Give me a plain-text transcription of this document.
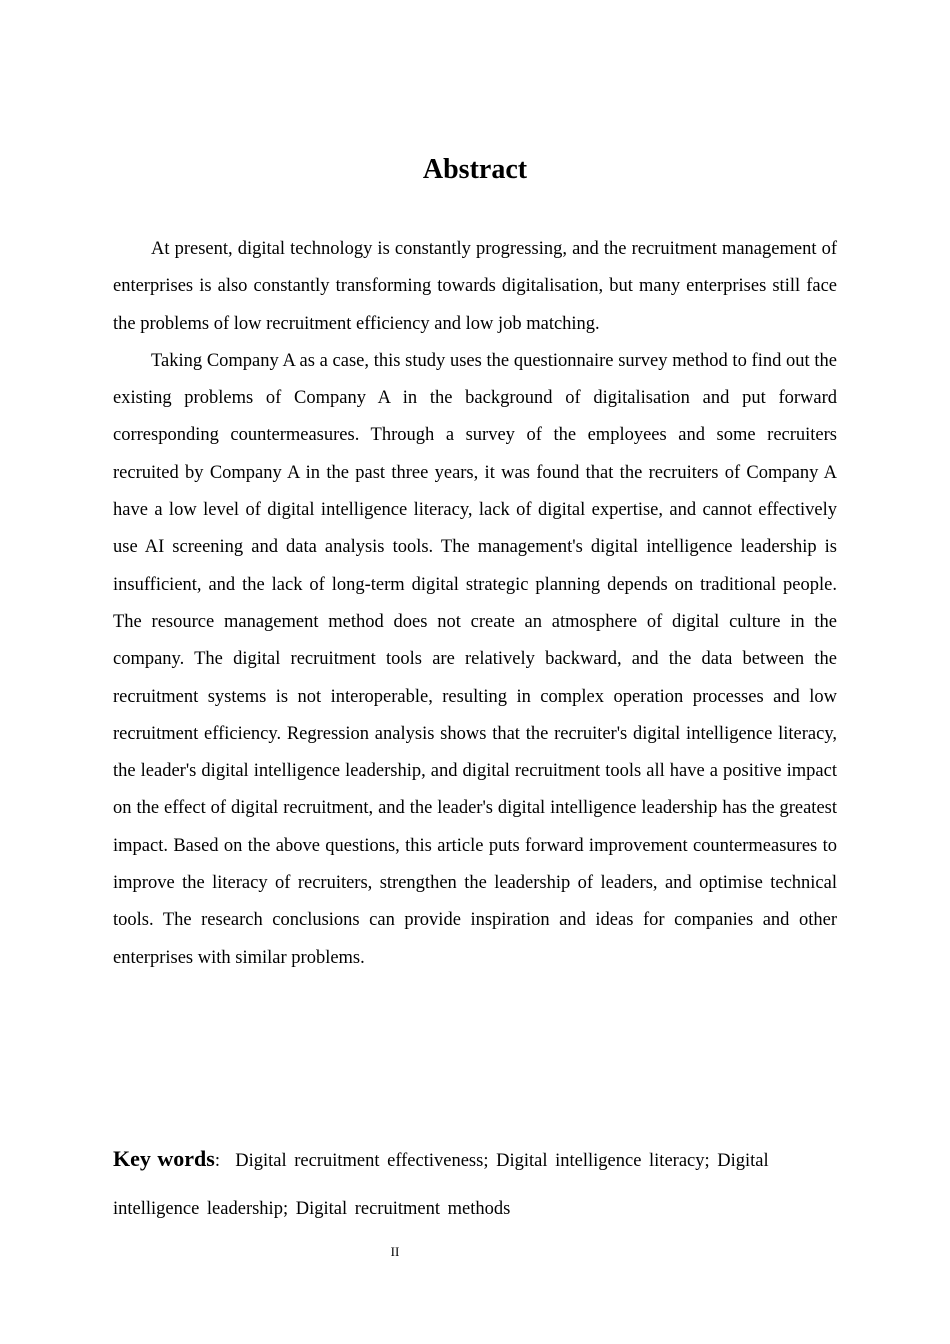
Abstract

At present, digital technology is constantly progressing, and the recruitment management of enterprises is also constantly transforming towards digitalisation, but many enterprises still face the problems of low recruitment efficiency and low job matching.

Taking Company A as a case, this study uses the questionnaire survey method to find out the existing problems of Company A in the background of digitalisation and put forward corresponding countermeasures. Through a survey of the employees and some recruiters recruited by Company A in the past three years, it was found that the recruiters of Company A have a low level of digital intelligence literacy, lack of digital expertise, and cannot effectively use AI screening and data analysis tools. The management's digital intelligence leadership is insufficient, and the lack of long-term digital strategic planning depends on traditional people. The resource management method does not create an atmosphere of digital culture in the company. The digital recruitment tools are relatively backward, and the data between the recruitment systems is not interoperable, resulting in complex operation processes and low recruitment efficiency. Regression analysis shows that the recruiter's digital intelligence literacy, the leader's digital intelligence leadership, and digital recruitment tools all have a positive impact on the effect of digital recruitment, and the leader's digital intelligence leadership has the greatest impact. Based on the above questions, this article puts forward improvement countermeasures to improve the literacy of recruiters, strengthen the leadership of leaders, and optimise technical tools. The research conclusions can provide inspiration and ideas for companies and other enterprises with similar problems.

Key words: Digital recruitment effectiveness; Digital intelligence literacy; Digital intelligence leadership; Digital recruitment methods
II
